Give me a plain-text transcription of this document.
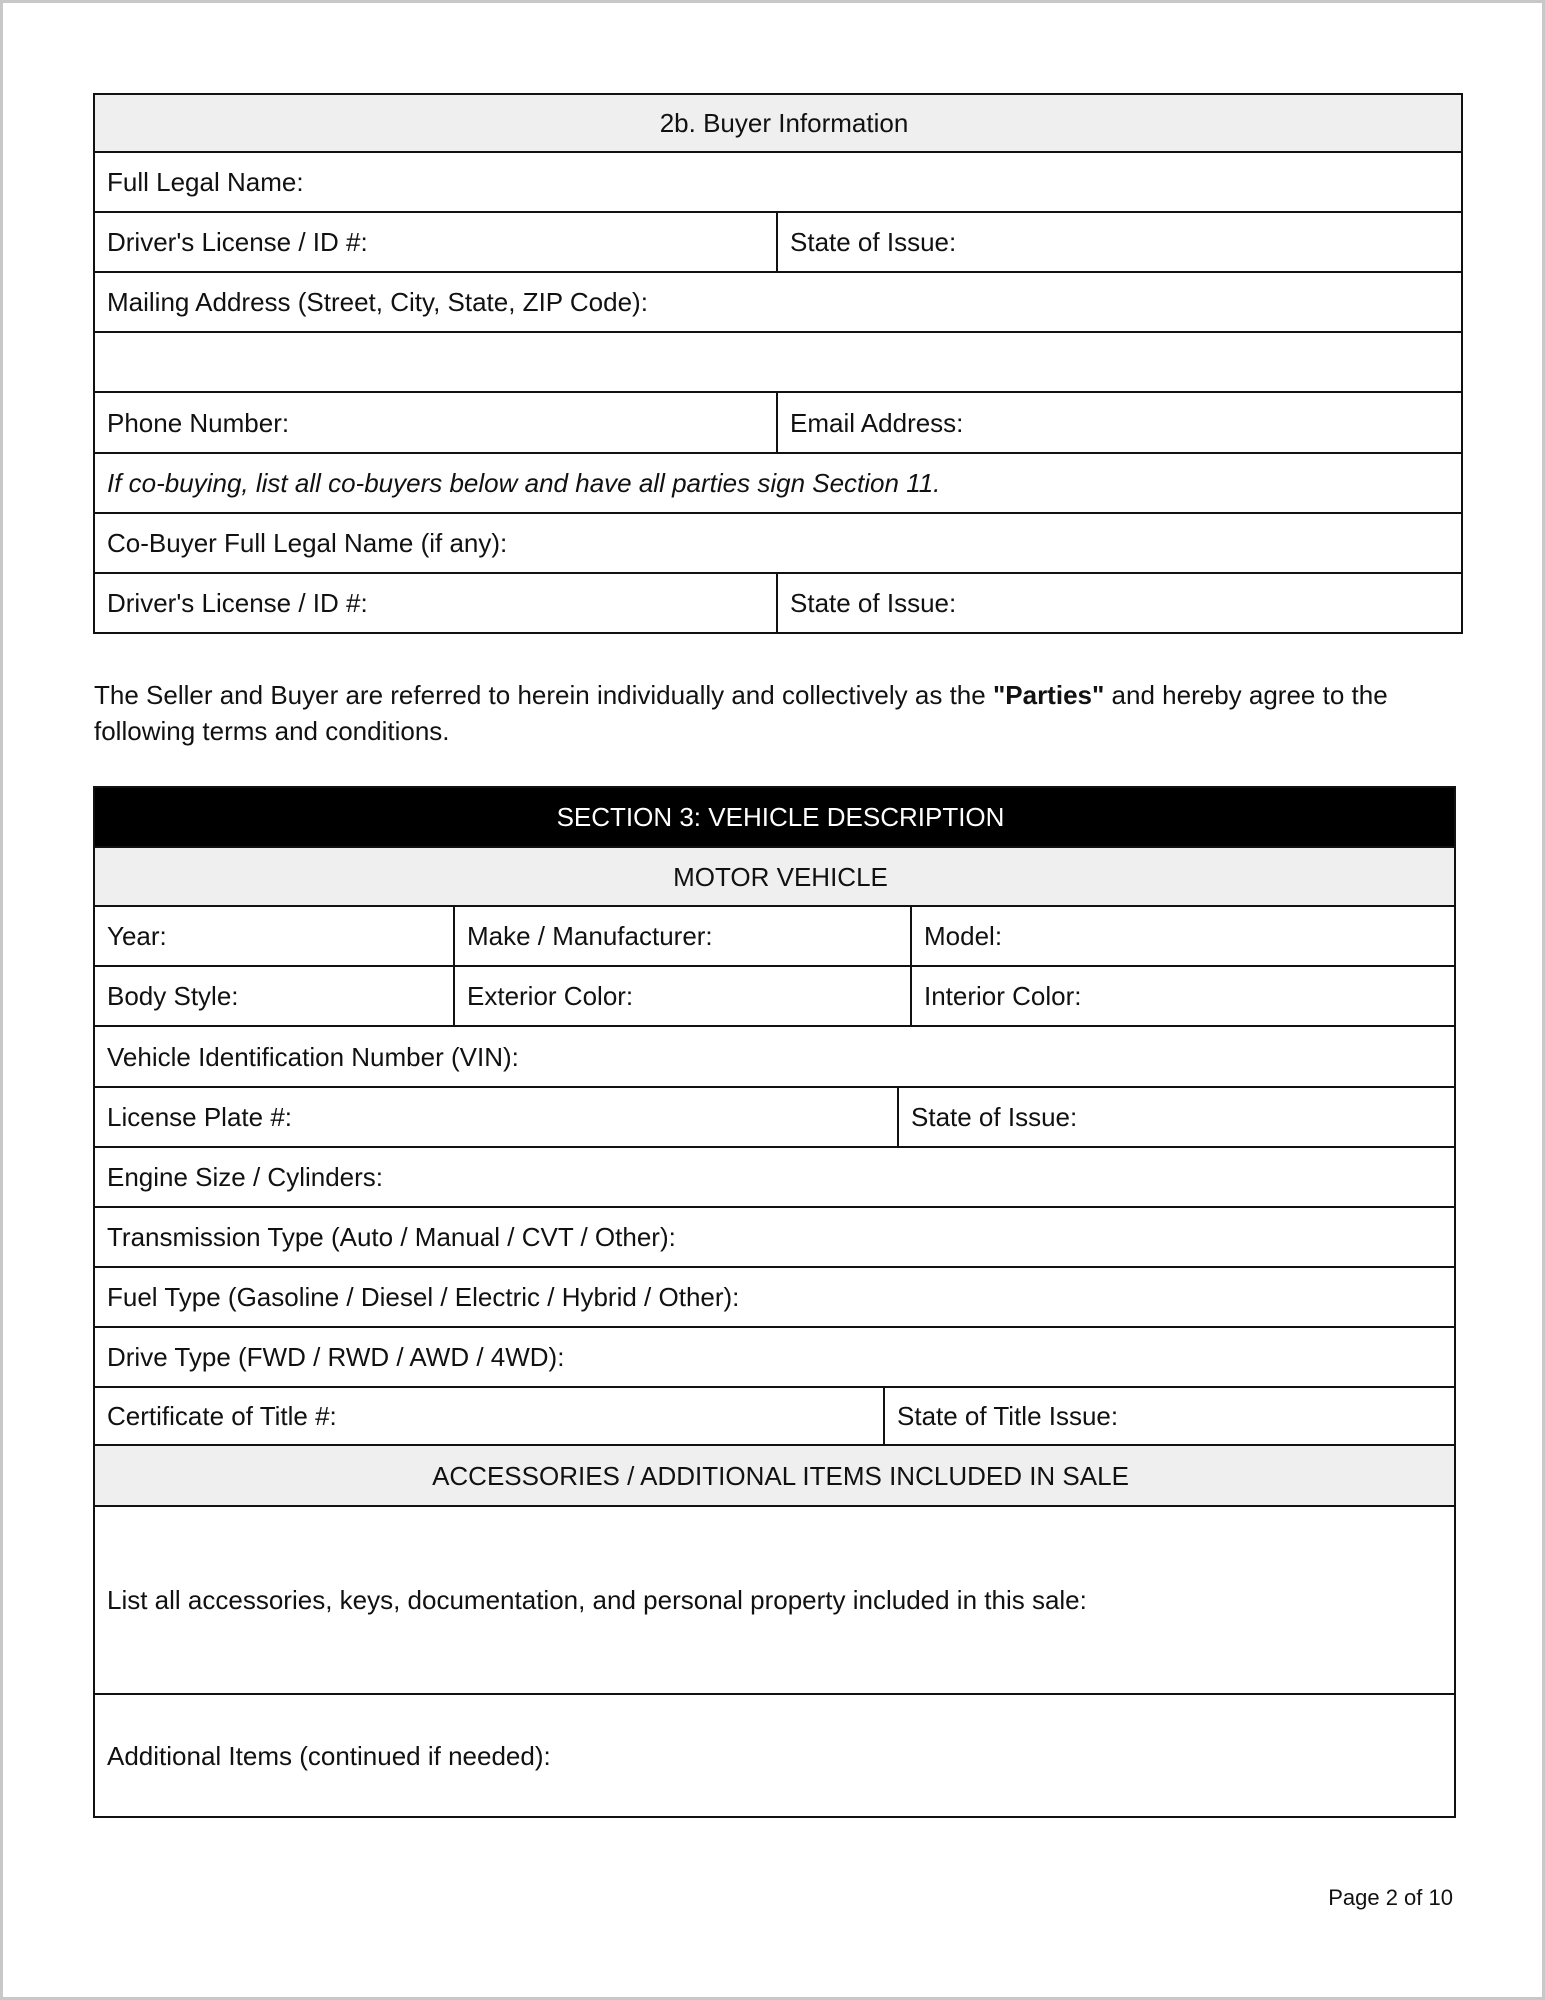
2b. Buyer Information	
Full Legal Name:	
Driver's License / ID #:	State of Issue:
Mailing Address (Street, City, State, ZIP Code):	

Phone Number:	Email Address:
If co-buying, list all co-buyers below and have all parties sign Section 11.	
Co-Buyer Full Legal Name (if any):	
Driver's License / ID #:	State of Issue:
The Seller and Buyer are referred to herein individually and collectively as the "Parties" and hereby agree to the following terms and conditions.
SECTION 3: VEHICLE DESCRIPTION				
MOTOR VEHICLE				
Year:	Make / Manufacturer:			Model:
Body Style:	Exterior Color:			Interior Color:
Vehicle Identification Number (VIN):				
License Plate #:			State of Issue:	
Engine Size / Cylinders:				
Transmission Type (Auto / Manual / CVT / Other):				
Fuel Type (Gasoline / Diesel / Electric / Hybrid / Other):				
Drive Type (FWD / RWD / AWD / 4WD):				
Certificate of Title #:		State of Title Issue:		
ACCESSORIES / ADDITIONAL ITEMS INCLUDED IN SALE				
List all accessories, keys, documentation, and personal property included in this sale:				
Additional Items (continued if needed):				
Page 2 of 10
